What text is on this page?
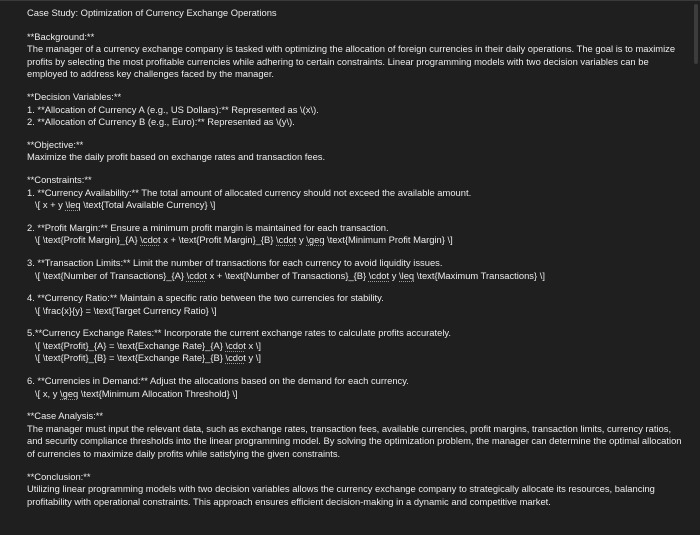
Case Study: Optimization of Currency Exchange Operations
**Background:**
The manager of a currency exchange company is tasked with optimizing the allocation of foreign currencies in their daily operations. The goal is to maximize profits by selecting the most profitable currencies while adhering to certain constraints. Linear programming models with two decision variables can be employed to address key challenges faced by the manager.
**Decision Variables:**
1. **Allocation of Currency A (e.g., US Dollars):** Represented as \(x\).
2. **Allocation of Currency B (e.g., Euro):** Represented as \(y\).
**Objective:**
Maximize the daily profit based on exchange rates and transaction fees.
**Constraints:**
1. **Currency Availability:** The total amount of allocated currency should not exceed the available amount.
\[ x + y \leq \text{Total Available Currency} \]
2. **Profit Margin:** Ensure a minimum profit margin is maintained for each transaction.
\[ \text{Profit Margin}_{A} \cdot x + \text{Profit Margin}_{B} \cdot y \geq \text{Minimum Profit Margin} \]
3. **Transaction Limits:** Limit the number of transactions for each currency to avoid liquidity issues.
\[ \text{Number of Transactions}_{A} \cdot x + \text{Number of Transactions}_{B} \cdot y \leq \text{Maximum Transactions} \]
4. **Currency Ratio:** Maintain a specific ratio between the two currencies for stability.
\[ \frac{x}{y} = \text{Target Currency Ratio} \]
5.**Currency Exchange Rates:** Incorporate the current exchange rates to calculate profits accurately.
\[ \text{Profit}_{A} = \text{Exchange Rate}_{A} \cdot x \]
\[ \text{Profit}_{B} = \text{Exchange Rate}_{B} \cdot y \]
6. **Currencies in Demand:** Adjust the allocations based on the demand for each currency.
\[ x, y \geq \text{Minimum Allocation Threshold} \]
**Case Analysis:**
The manager must input the relevant data, such as exchange rates, transaction fees, available currencies, profit margins, transaction limits, currency ratios, and security compliance thresholds into the linear programming model. By solving the optimization problem, the manager can determine the optimal allocation of currencies to maximize daily profits while satisfying the given constraints.
**Conclusion:**
Utilizing linear programming models with two decision variables allows the currency exchange company to strategically allocate its resources, balancing profitability with operational constraints. This approach ensures efficient decision-making in a dynamic and competitive market.
